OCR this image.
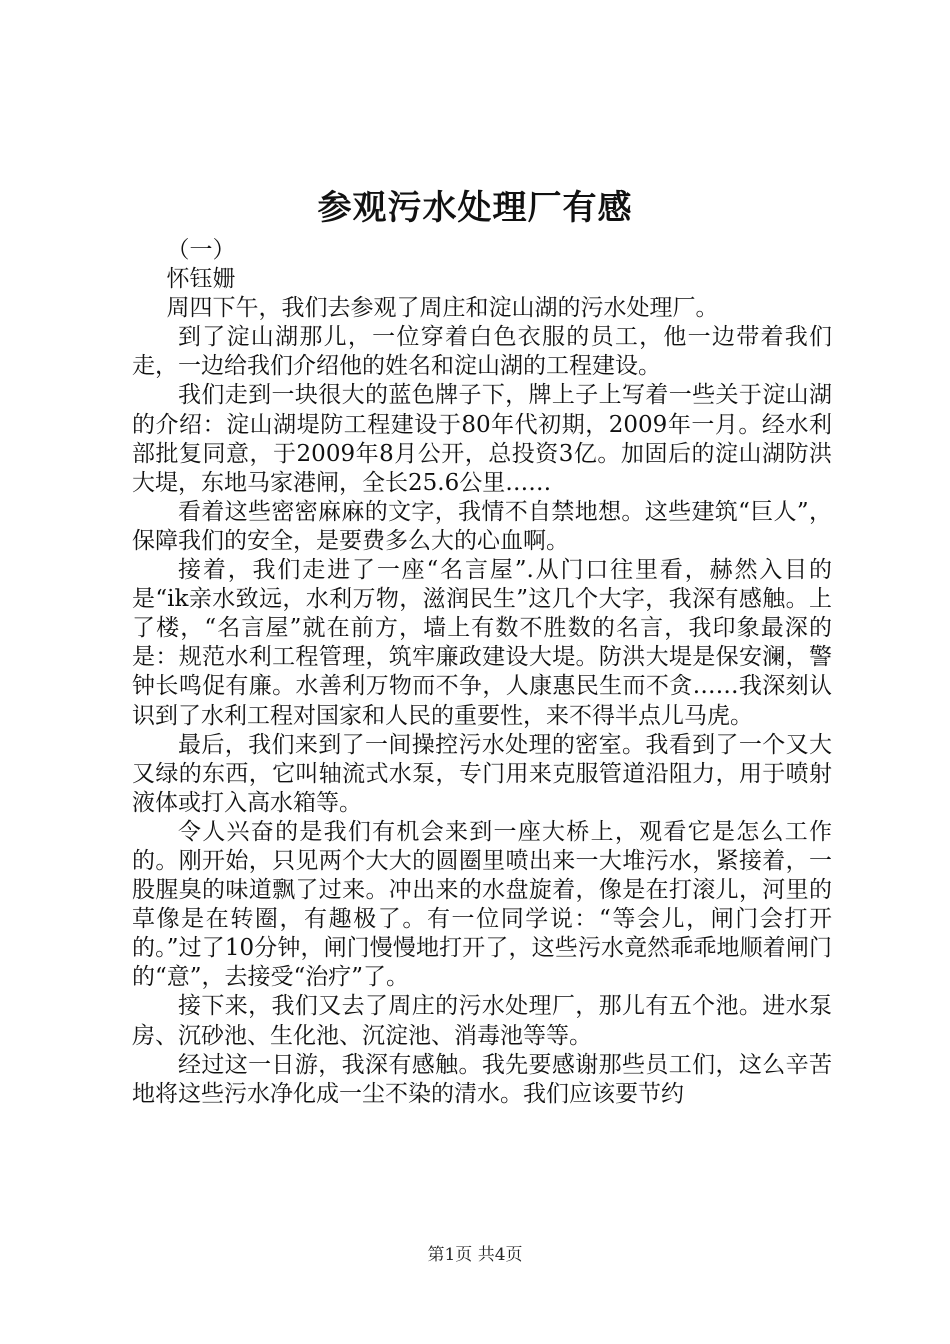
参观污水处理厂有感

（一）

怀钰姗

周四下午，我们去参观了周庄和淀山湖的污水处理厂。

到了淀山湖那儿，一位穿着白色衣服的员工，他一边带着我们走，一边给我们介绍他的姓名和淀山湖的工程建设。

我们走到一块很大的蓝色牌子下，牌上子上写着一些关于淀山湖的介绍：淀山湖堤防工程建设于80年代初期，2009年一月。经水利部批复同意，于2009年8月公开，总投资3亿。加固后的淀山湖防洪大堤，东地马家港闸，全长25.6公里……

看着这些密密麻麻的文字，我情不自禁地想。这些建筑“巨人”，保障我们的安全，是要费多么大的心血啊。

接着，我们走进了一座“名言屋”.从门口往里看，赫然入目的是“ik亲水致远，水利万物，滋润民生”这几个大字，我深有感触。上了楼，“名言屋”就在前方，墙上有数不胜数的名言，我印象最深的是：规范水利工程管理，筑牢廉政建设大堤。防洪大堤是保安澜，警钟长鸣促有廉。水善利万物而不争，人康惠民生而不贪……我深刻认识到了水利工程对国家和人民的重要性，来不得半点儿马虎。

最后，我们来到了一间操控污水处理的密室。我看到了一个又大又绿的东西，它叫轴流式水泵，专门用来克服管道沿阻力，用于喷射液体或打入高水箱等。

令人兴奋的是我们有机会来到一座大桥上，观看它是怎么工作的。刚开始，只见两个大大的圆圈里喷出来一大堆污水，紧接着，一股腥臭的味道飘了过来。冲出来的水盘旋着，像是在打滚儿，河里的草像是在转圈，有趣极了。有一位同学说：“等会儿，闸门会打开的。”过了10分钟，闸门慢慢地打开了，这些污水竟然乖乖地顺着闸门的“意”，去接受“治疗”了。

接下来，我们又去了周庄的污水处理厂，那儿有五个池。进水泵房、沉砂池、生化池、沉淀池、消毒池等等。

经过这一日游，我深有感触。我先要感谢那些员工们，这么辛苦地将这些污水净化成一尘不染的清水。我们应该要节约

第1页 共4页
